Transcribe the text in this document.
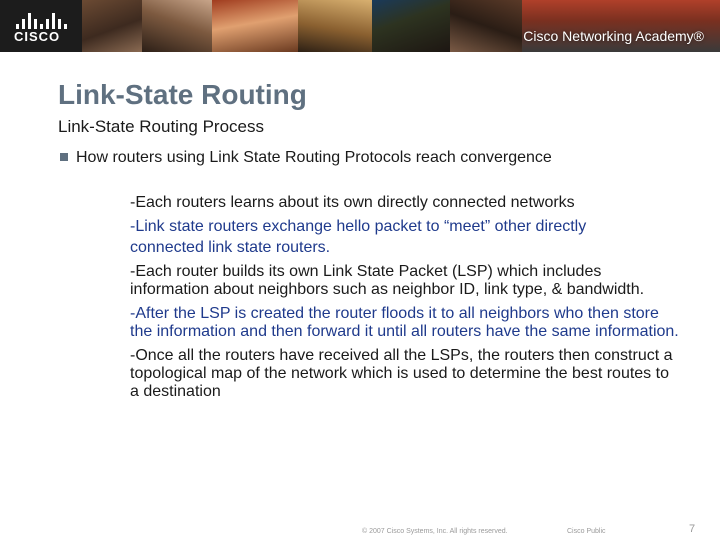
CISCO	Cisco Networking Academy®
Link-State Routing
Link-State Routing Process
How routers using Link State Routing Protocols reach convergence
-Each routers learns about its own directly connected networks
-Link state routers exchange hello packet to “meet” other directly
connected link state routers.
-Each router builds its own Link State Packet (LSP) which includes information about neighbors such as neighbor ID, link type, & bandwidth.
-After the LSP is created the router floods it to all neighbors who then store the information and then forward it until all routers have the same information.
-Once all the routers have received all the LSPs, the routers then construct a topological map of the network which is used to determine the best routes to a destination
© 2007 Cisco Systems, Inc. All rights reserved.	Cisco Public	7
